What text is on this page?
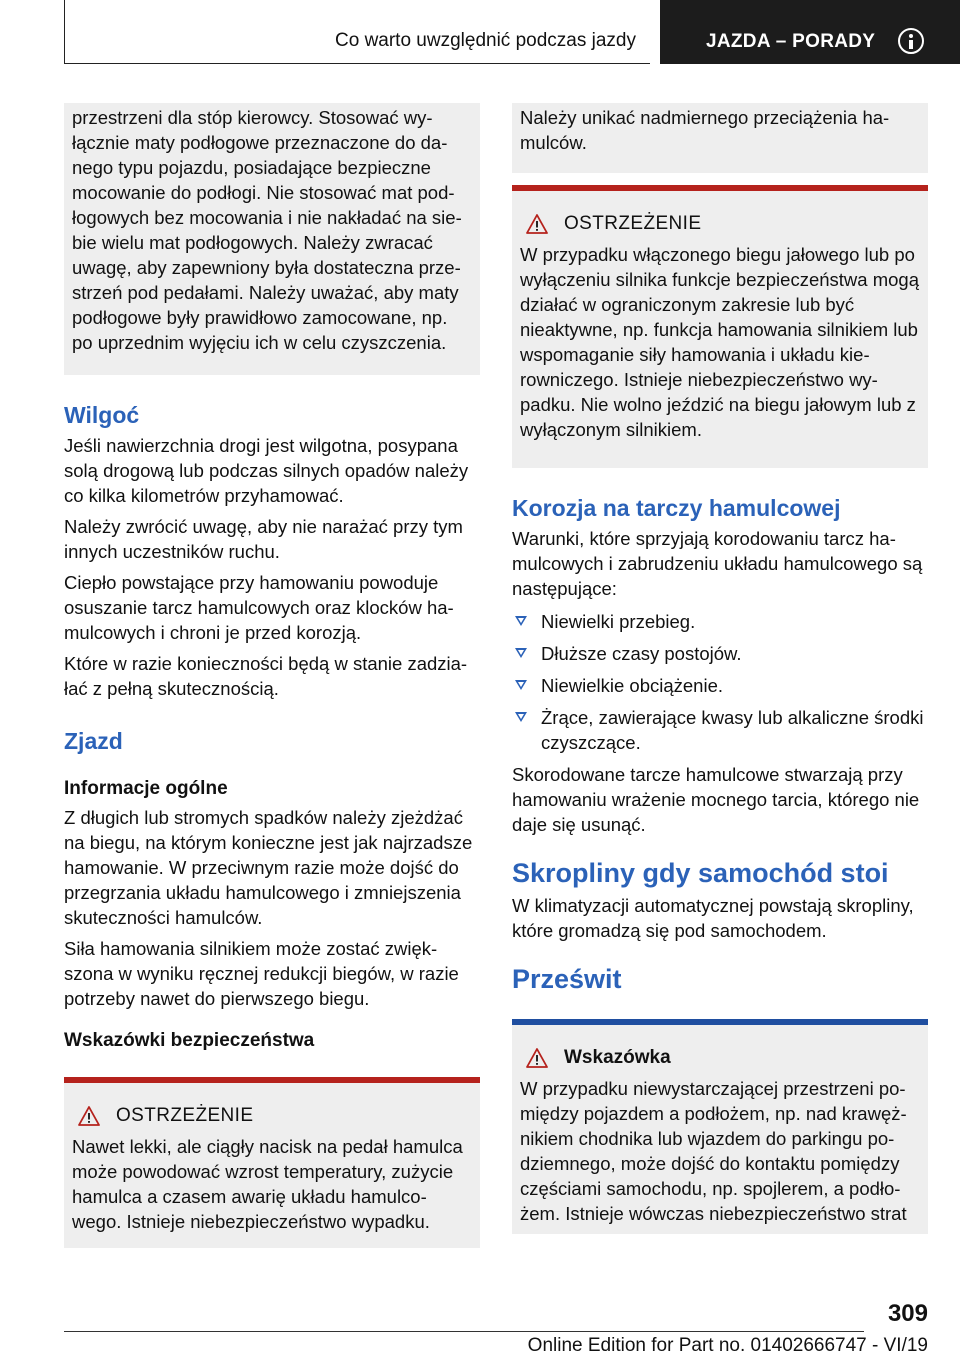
Co warto uwzględnić podczas jazdy	JAZDA – PORADY

przestrzeni dla stóp kierowcy. Stosować wy-łącznie maty podłogowe przeznaczone do da-nego typu pojazdu, posiadające bezpieczne mocowanie do podłogi. Nie stosować mat pod-łogowych bez mocowania i nie nakładać na sie-bie wielu mat podłogowych. Należy zwracać uwagę, aby zapewniony była dostateczna prze-strzeń pod pedałami. Należy uważać, aby maty podłogowe były prawidłowo zamocowane, np. po uprzednim wyjęciu ich w celu czyszczenia.

Wilgoć

Jeśli nawierzchnia drogi jest wilgotna, posypana solą drogową lub podczas silnych opadów należy co kilka kilometrów przyhamować.

Należy zwrócić uwagę, aby nie narażać przy tym innych uczestników ruchu.

Ciepło powstające przy hamowaniu powoduje osuszanie tarcz hamulcowych oraz klocków ha-mulcowych i chroni je przed korozją.

Które w razie konieczności będą w stanie zadzia-łać z pełną skutecznością.

Zjazd
Informacje ogólne

Z długich lub stromych spadków należy zjeżdżać na biegu, na którym konieczne jest jak najrzadsze hamowanie. W przeciwnym razie może dojść do przegrzania układu hamulcowego i zmniejszenia skuteczności hamulców.

Siła hamowania silnikiem może zostać zwięk-szona w wyniku ręcznej redukcji biegów, w razie potrzeby nawet do pierwszego biegu.

Wskazówki bezpieczeństwa
OSTRZEŻENIE

Nawet lekki, ale ciągły nacisk na pedał hamulca może powodować wzrost temperatury, zużycie hamulca a czasem awarię układu hamulco-wego. Istnieje niebezpieczeństwo wypadku.

Należy unikać nadmiernego przeciążenia ha-mulców.

OSTRZEŻENIE

W przypadku włączonego biegu jałowego lub po wyłączeniu silnika funkcje bezpieczeństwa mogą działać w ograniczonym zakresie lub być nieaktywne, np. funkcja hamowania silnikiem lub wspomaganie siły hamowania i układu kie-rowniczego. Istnieje niebezpieczeństwo wy-padku. Nie wolno jeździć na biegu jałowym lub z wyłączonym silnikiem.

Korozja na tarczy hamulcowej

Warunki, które sprzyjają korodowaniu tarcz ha-mulcowych i zabrudzeniu układu hamulcowego są następujące:

Niewielki przebieg.
Dłuższe czasy postojów.
Niewielkie obciążenie.
Żrące, zawierające kwasy lub alkaliczne środki czyszczące.

Skorodowane tarcze hamulcowe stwarzają przy hamowaniu wrażenie mocnego tarcia, którego nie daje się usunąć.

Skropliny gdy samochód stoi

W klimatyzacji automatycznej powstają skropliny, które gromadzą się pod samochodem.

Prześwit
Wskazówka

W przypadku niewystarczającej przestrzeni po-między pojazdem a podłożem, np. nad krawęż-nikiem chodnika lub wjazdem do parkingu po-dziemnego, może dojść do kontaktu pomiędzy częściami samochodu, np. spojlerem, a podło-żem. Istnieje wówczas niebezpieczeństwo strat

309
Online Edition for Part no. 01402666747 - VI/19
